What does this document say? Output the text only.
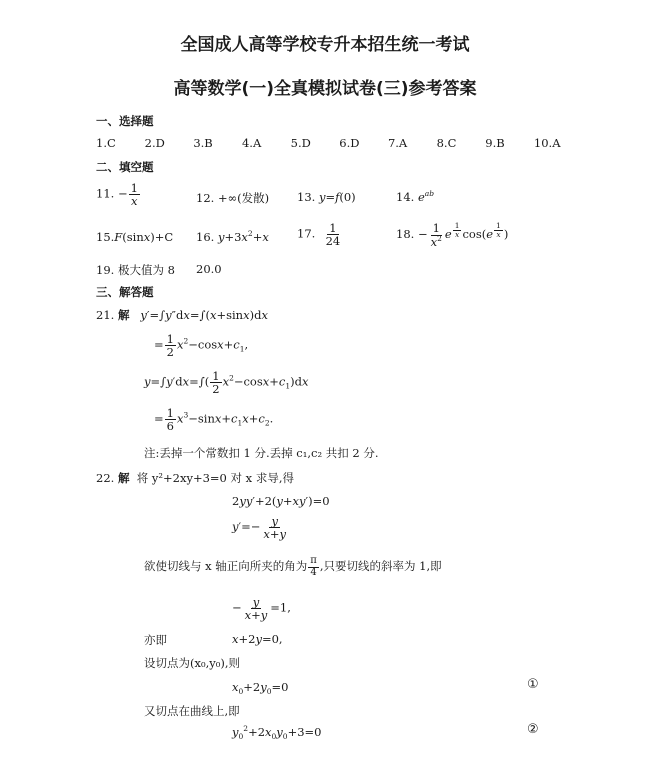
全国成人高等学校专升本招生统一考试
高等数学(一)全真模拟试卷(三)参考答案
一、选择题
1.C	2.D 3.B	4.A	5.D 6.D 7.A	8.C	9.B	10.A
二、填空题
11. − $\frac{1}{x}$	12. +∞(发散) 13. y=f(0)	14. $e^{ab}$
15.F(sinx)+C 16. $y+3x^2+x$ 17. $\frac{1}{24}$	18. − $\frac{1}{x^2}$ e $^{\frac{1}{x}}$ cos(e $^{\frac{1}{x}}$ )
19. 极大值为 8 20.0
三、解答题
21. 解 y′=∫y″dx=∫(x+sinx)dx
= $\frac{1}{2} x^2-\cos x+c_1$,
$y=\int y'dx=\int( \frac{1}{2} x^2-\cos x+c_1)dx$
= $\frac{1}{6} x^3-\sin x+c_1x+c_2$.
注:丢掉一个常数扣 1 分.丢掉 c₁,c₂ 共扣 2 分.
22. 解 将 y²+2xy+3=0 对 x 求导,得
2yy′+2(y+xy′)=0
$y'=- \frac{y}{x+y}$
欲使切线与 x 轴正向所夹的角为 $\frac{\pi}{4}$ ,只要切线的斜率为 1,即
− $\frac{y}{x+y} =1$,
亦即	x+2y=0,
设切点为(x₀,y₀),则
$x_0+2y_0=0$	①
又切点在曲线上,即
$y_0^2+2x_0y_0+3=0$	②
